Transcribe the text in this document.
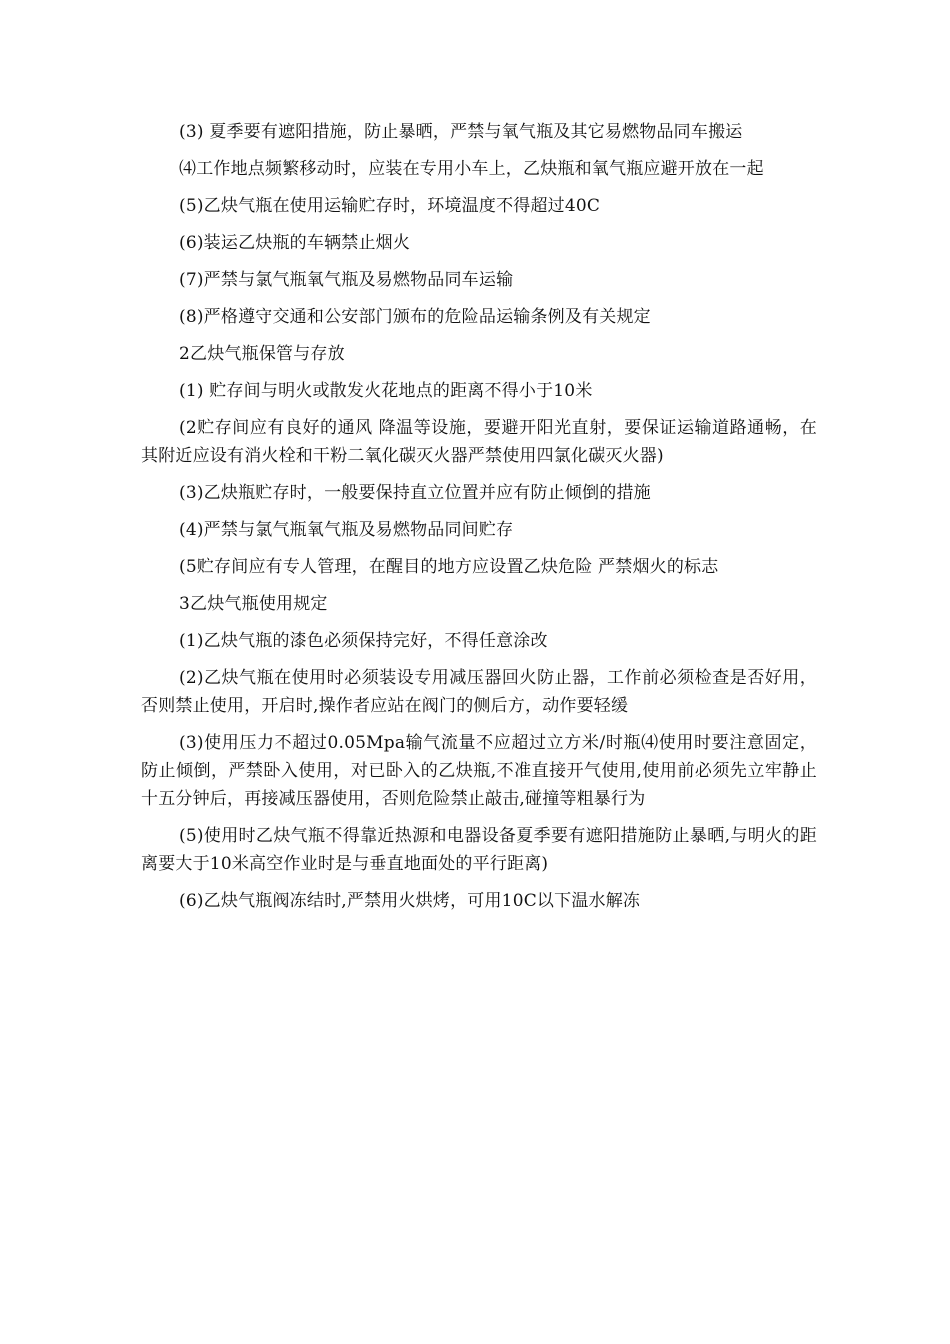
(3) 夏季要有遮阳措施，防止暴晒，严禁与氧气瓶及其它易燃物品同车搬运

⑷工作地点频繁移动时，应装在专用小车上，乙炔瓶和氧气瓶应避开放在一起

(5)乙炔气瓶在使用运输贮存时，环境温度不得超过40C

(6)装运乙炔瓶的车辆禁止烟火

(7)严禁与氯气瓶氧气瓶及易燃物品同车运输

(8)严格遵守交通和公安部门颁布的危险品运输条例及有关规定

2乙炔气瓶保管与存放

(1) 贮存间与明火或散发火花地点的距离不得小于10米

(2贮存间应有良好的通风 降温等设施，要避开阳光直射，要保证运输道路通畅，在其附近应设有消火栓和干粉二氧化碳灭火器严禁使用四氯化碳灭火器)

(3)乙炔瓶贮存时，一般要保持直立位置并应有防止倾倒的措施

(4)严禁与氯气瓶氧气瓶及易燃物品同间贮存

(5贮存间应有专人管理，在醒目的地方应设置乙炔危险 严禁烟火的标志

3乙炔气瓶使用规定

(1)乙炔气瓶的漆色必须保持完好，不得任意涂改

(2)乙炔气瓶在使用时必须装设专用减压器回火防止器，工作前必须检查是否好用，否则禁止使用，开启时,操作者应站在阀门的侧后方，动作要轻缓

(3)使用压力不超过0.05Mpa输气流量不应超过立方米/时瓶⑷使用时要注意固定，防止倾倒，严禁卧入使用，对已卧入的乙炔瓶,不准直接开气使用,使用前必须先立牢静止十五分钟后，再接减压器使用，否则危险禁止敲击,碰撞等粗暴行为

(5)使用时乙炔气瓶不得靠近热源和电器设备夏季要有遮阳措施防止暴晒,与明火的距离要大于10米高空作业时是与垂直地面处的平行距离)

(6)乙炔气瓶阀冻结时,严禁用火烘烤，可用10C以下温水解冻
